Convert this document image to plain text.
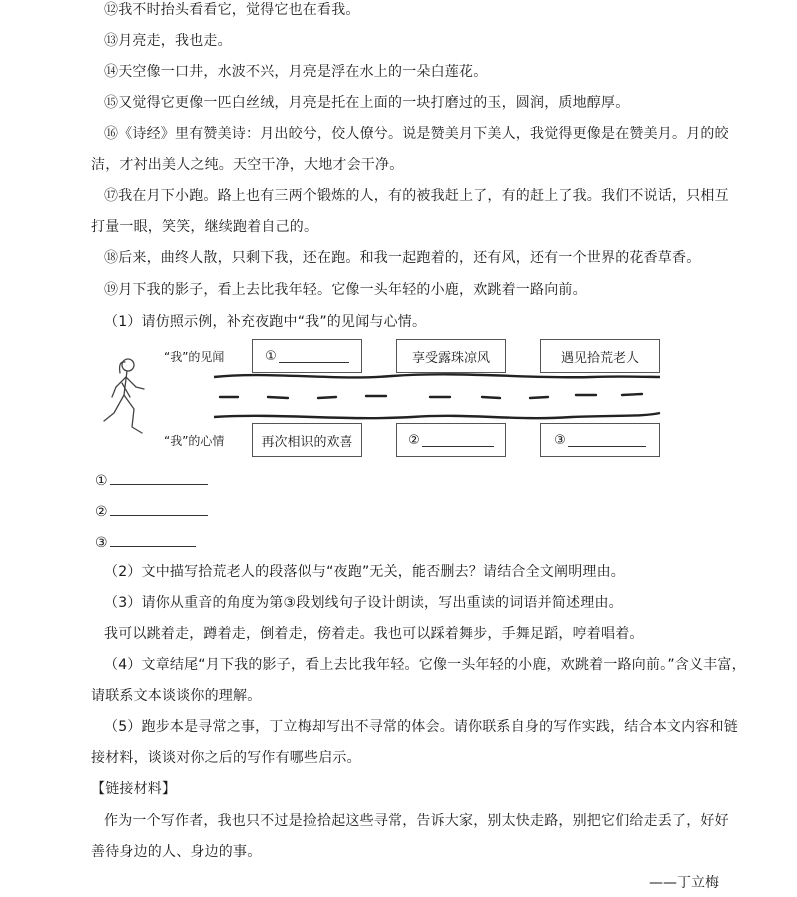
⑫我不时抬头看看它，觉得它也在看我。
⑬月亮走，我也走。
⑭天空像一口井，水波不兴，月亮是浮在水上的一朵白莲花。
⑮又觉得它更像一匹白丝绒，月亮是托在上面的一块打磨过的玉，圆润，质地醇厚。
⑯《诗经》里有赞美诗：月出皎兮，佼人僚兮。说是赞美月下美人，我觉得更像是在赞美月。月的皎
洁，才衬出美人之纯。天空干净，大地才会干净。
⑰我在月下小跑。路上也有三两个锻炼的人，有的被我赶上了，有的赶上了我。我们不说话，只相互
打量一眼，笑笑，继续跑着自己的。
⑱后来，曲终人散，只剩下我，还在跑。和我一起跑着的，还有风，还有一个世界的花香草香。
⑲月下我的影子，看上去比我年轻。它像一头年轻的小鹿，欢跳着一路向前。
（1）请仿照示例，补充夜跑中“我”的见闻与心情。
“我”的见闻
“我”的心情
①	享受露珠凉风	遇见拾荒老人
再次相识的欢喜	②	③
①
②
③
（2）文中描写拾荒老人的段落似与“夜跑”无关，能否删去？请结合全文阐明理由。
（3）请你从重音的角度为第③段划线句子设计朗读，写出重读的词语并简述理由。
我可以跳着走，蹲着走，倒着走，傍着走。我也可以踩着舞步，手舞足蹈，哼着唱着。
（4）文章结尾“月下我的影子，看上去比我年轻。它像一头年轻的小鹿，欢跳着一路向前。”含义丰富，
请联系文本谈谈你的理解。
（5）跑步本是寻常之事，丁立梅却写出不寻常的体会。请你联系自身的写作实践，结合本文内容和链
接材料，谈谈对你之后的写作有哪些启示。
【链接材料】
作为一个写作者，我也只不过是捡拾起这些寻常，告诉大家，别太快走路，别把它们给走丢了，好好
善待身边的人、身边的事。
——丁立梅
